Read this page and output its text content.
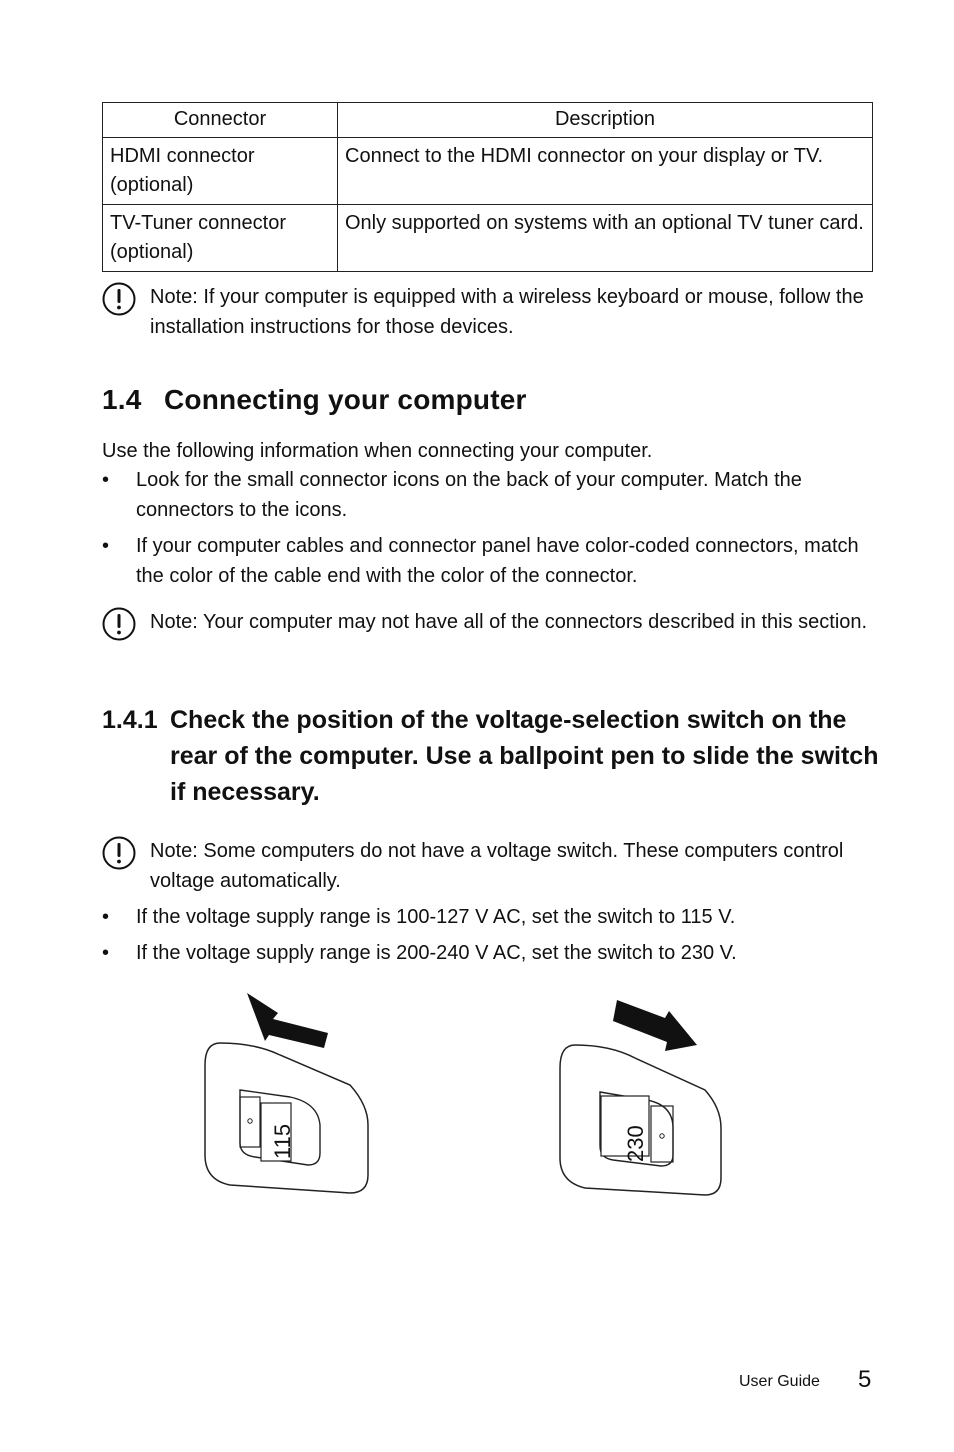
Connector	Description
HDMI connector (optional)	Connect to the HDMI connector on your display or TV.
TV-Tuner connector (optional)	Only supported on systems with an optional TV tuner card.
Note: If your computer is equipped with a wireless keyboard or mouse, follow the installation instructions for those devices.
1.4 Connecting your computer
Use the following information when connecting your computer.
• Look for the small connector icons on the back of your computer. Match the connectors to the icons.
• If your computer cables and connector panel have color-coded connectors, match the color of the cable end with the color of the connector.
Note: Your computer may not have all of the connectors described in this section.
1.4.1 Check the position of the voltage-selection switch on the rear of the computer. Use a ballpoint pen to slide the switch if necessary.
Note: Some computers do not have a voltage switch. These computers control voltage automatically.
• If the voltage supply range is 100-127 V AC, set the switch to 115 V.
• If the voltage supply range is 200-240 V AC, set the switch to 230 V.
115	230
User Guide 5
